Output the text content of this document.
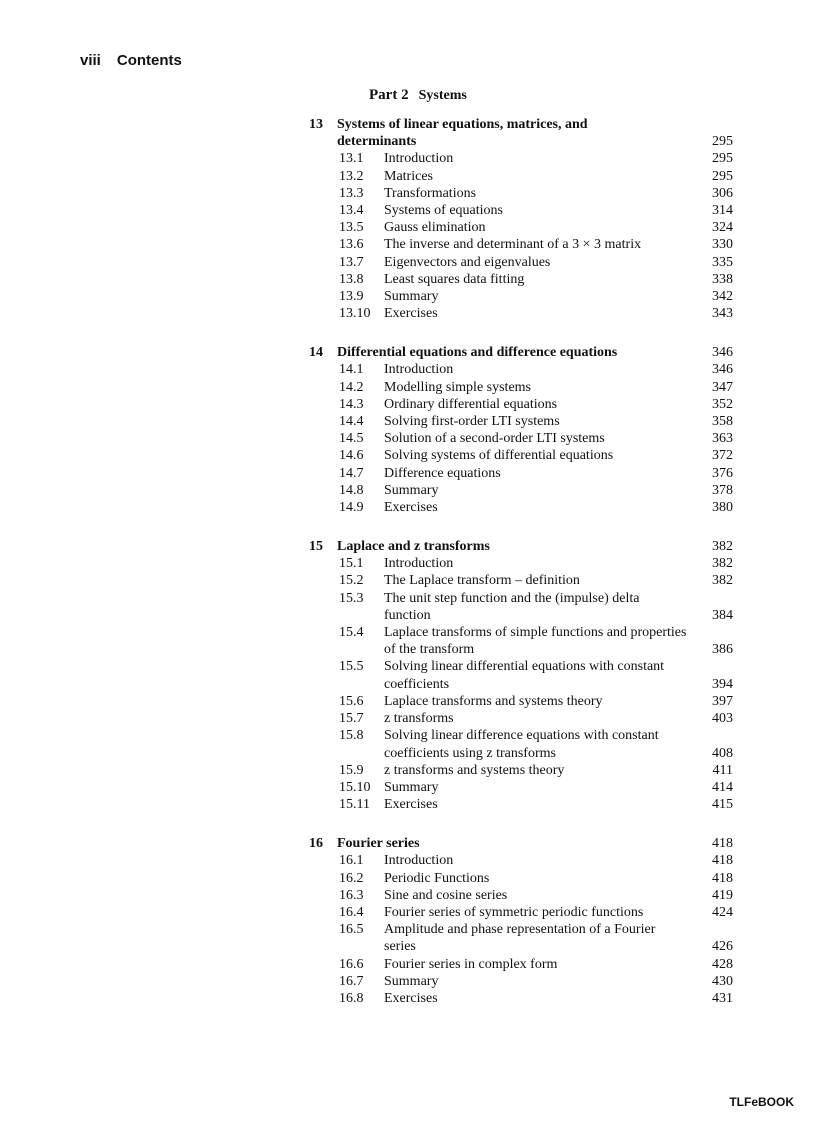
viii Contents
Part 2 Systems
13	Systems of linear equations, matrices, and determinants	295
13.1	Introduction	295
13.2	Matrices	295
13.3	Transformations	306
13.4	Systems of equations	314
13.5	Gauss elimination	324
13.6	The inverse and determinant of a 3 × 3 matrix	330
13.7	Eigenvectors and eigenvalues	335
13.8	Least squares data fitting	338
13.9	Summary	342
13.10 Exercises	343
14	Differential equations and difference equations	346
14.1	Introduction	346
14.2	Modelling simple systems	347
14.3	Ordinary differential equations	352
14.4	Solving first-order LTI systems	358
14.5	Solution of a second-order LTI systems	363
14.6	Solving systems of differential equations	372
14.7	Difference equations	376
14.8	Summary	378
14.9	Exercises	380
15	Laplace and z transforms	382
15.1	Introduction	382
15.2	The Laplace transform – definition	382
15.3	The unit step function and the (impulse) delta function	384
15.4	Laplace transforms of simple functions and properties of the transform	386
15.5	Solving linear differential equations with constant coefficients	394
15.6	Laplace transforms and systems theory	397
15.7	z transforms	403
15.8	Solving linear difference equations with constant coefficients using z transforms	408
15.9	z transforms and systems theory	411
15.10 Summary	414
15.11	Exercises	415
16	Fourier series	418
16.1	Introduction	418
16.2	Periodic Functions	418
16.3	Sine and cosine series	419
16.4	Fourier series of symmetric periodic functions	424
16.5	Amplitude and phase representation of a Fourier series	426
16.6	Fourier series in complex form	428
16.7	Summary	430
16.8	Exercises	431
TLFeBOOK
